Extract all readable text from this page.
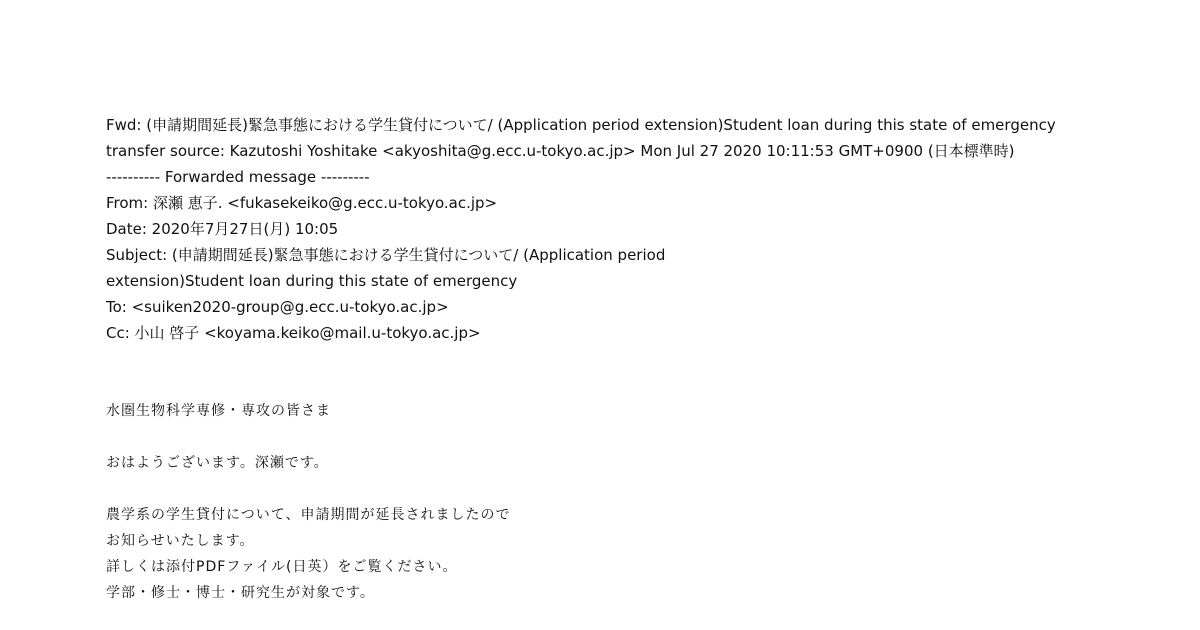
Fwd: (申請期間延長)緊急事態における学生貸付について/ (Application period extension)Student loan during this state of emergency
transfer source: Kazutoshi Yoshitake <akyoshita@g.ecc.u-tokyo.ac.jp> Mon Jul 27 2020 10:11:53 GMT+0900 (日本標準時)
---------- Forwarded message ---------
From: 深瀬 恵子. <fukasekeiko@g.ecc.u-tokyo.ac.jp>
Date: 2020年7月27日(月) 10:05
Subject: (申請期間延長)緊急事態における学生貸付について/ (Application period
extension)Student loan during this state of emergency
To: <suiken2020-group@g.ecc.u-tokyo.ac.jp>
Cc: 小山 啓子 <koyama.keiko@mail.u-tokyo.ac.jp>
水圏生物科学専修・専攻の皆さま
おはようございます。深瀬です。
農学系の学生貸付について、申請期間が延長されましたので
お知らせいたします。
詳しくは添付PDFファイル(日英）をご覧ください。
学部・修士・博士・研究生が対象です。
